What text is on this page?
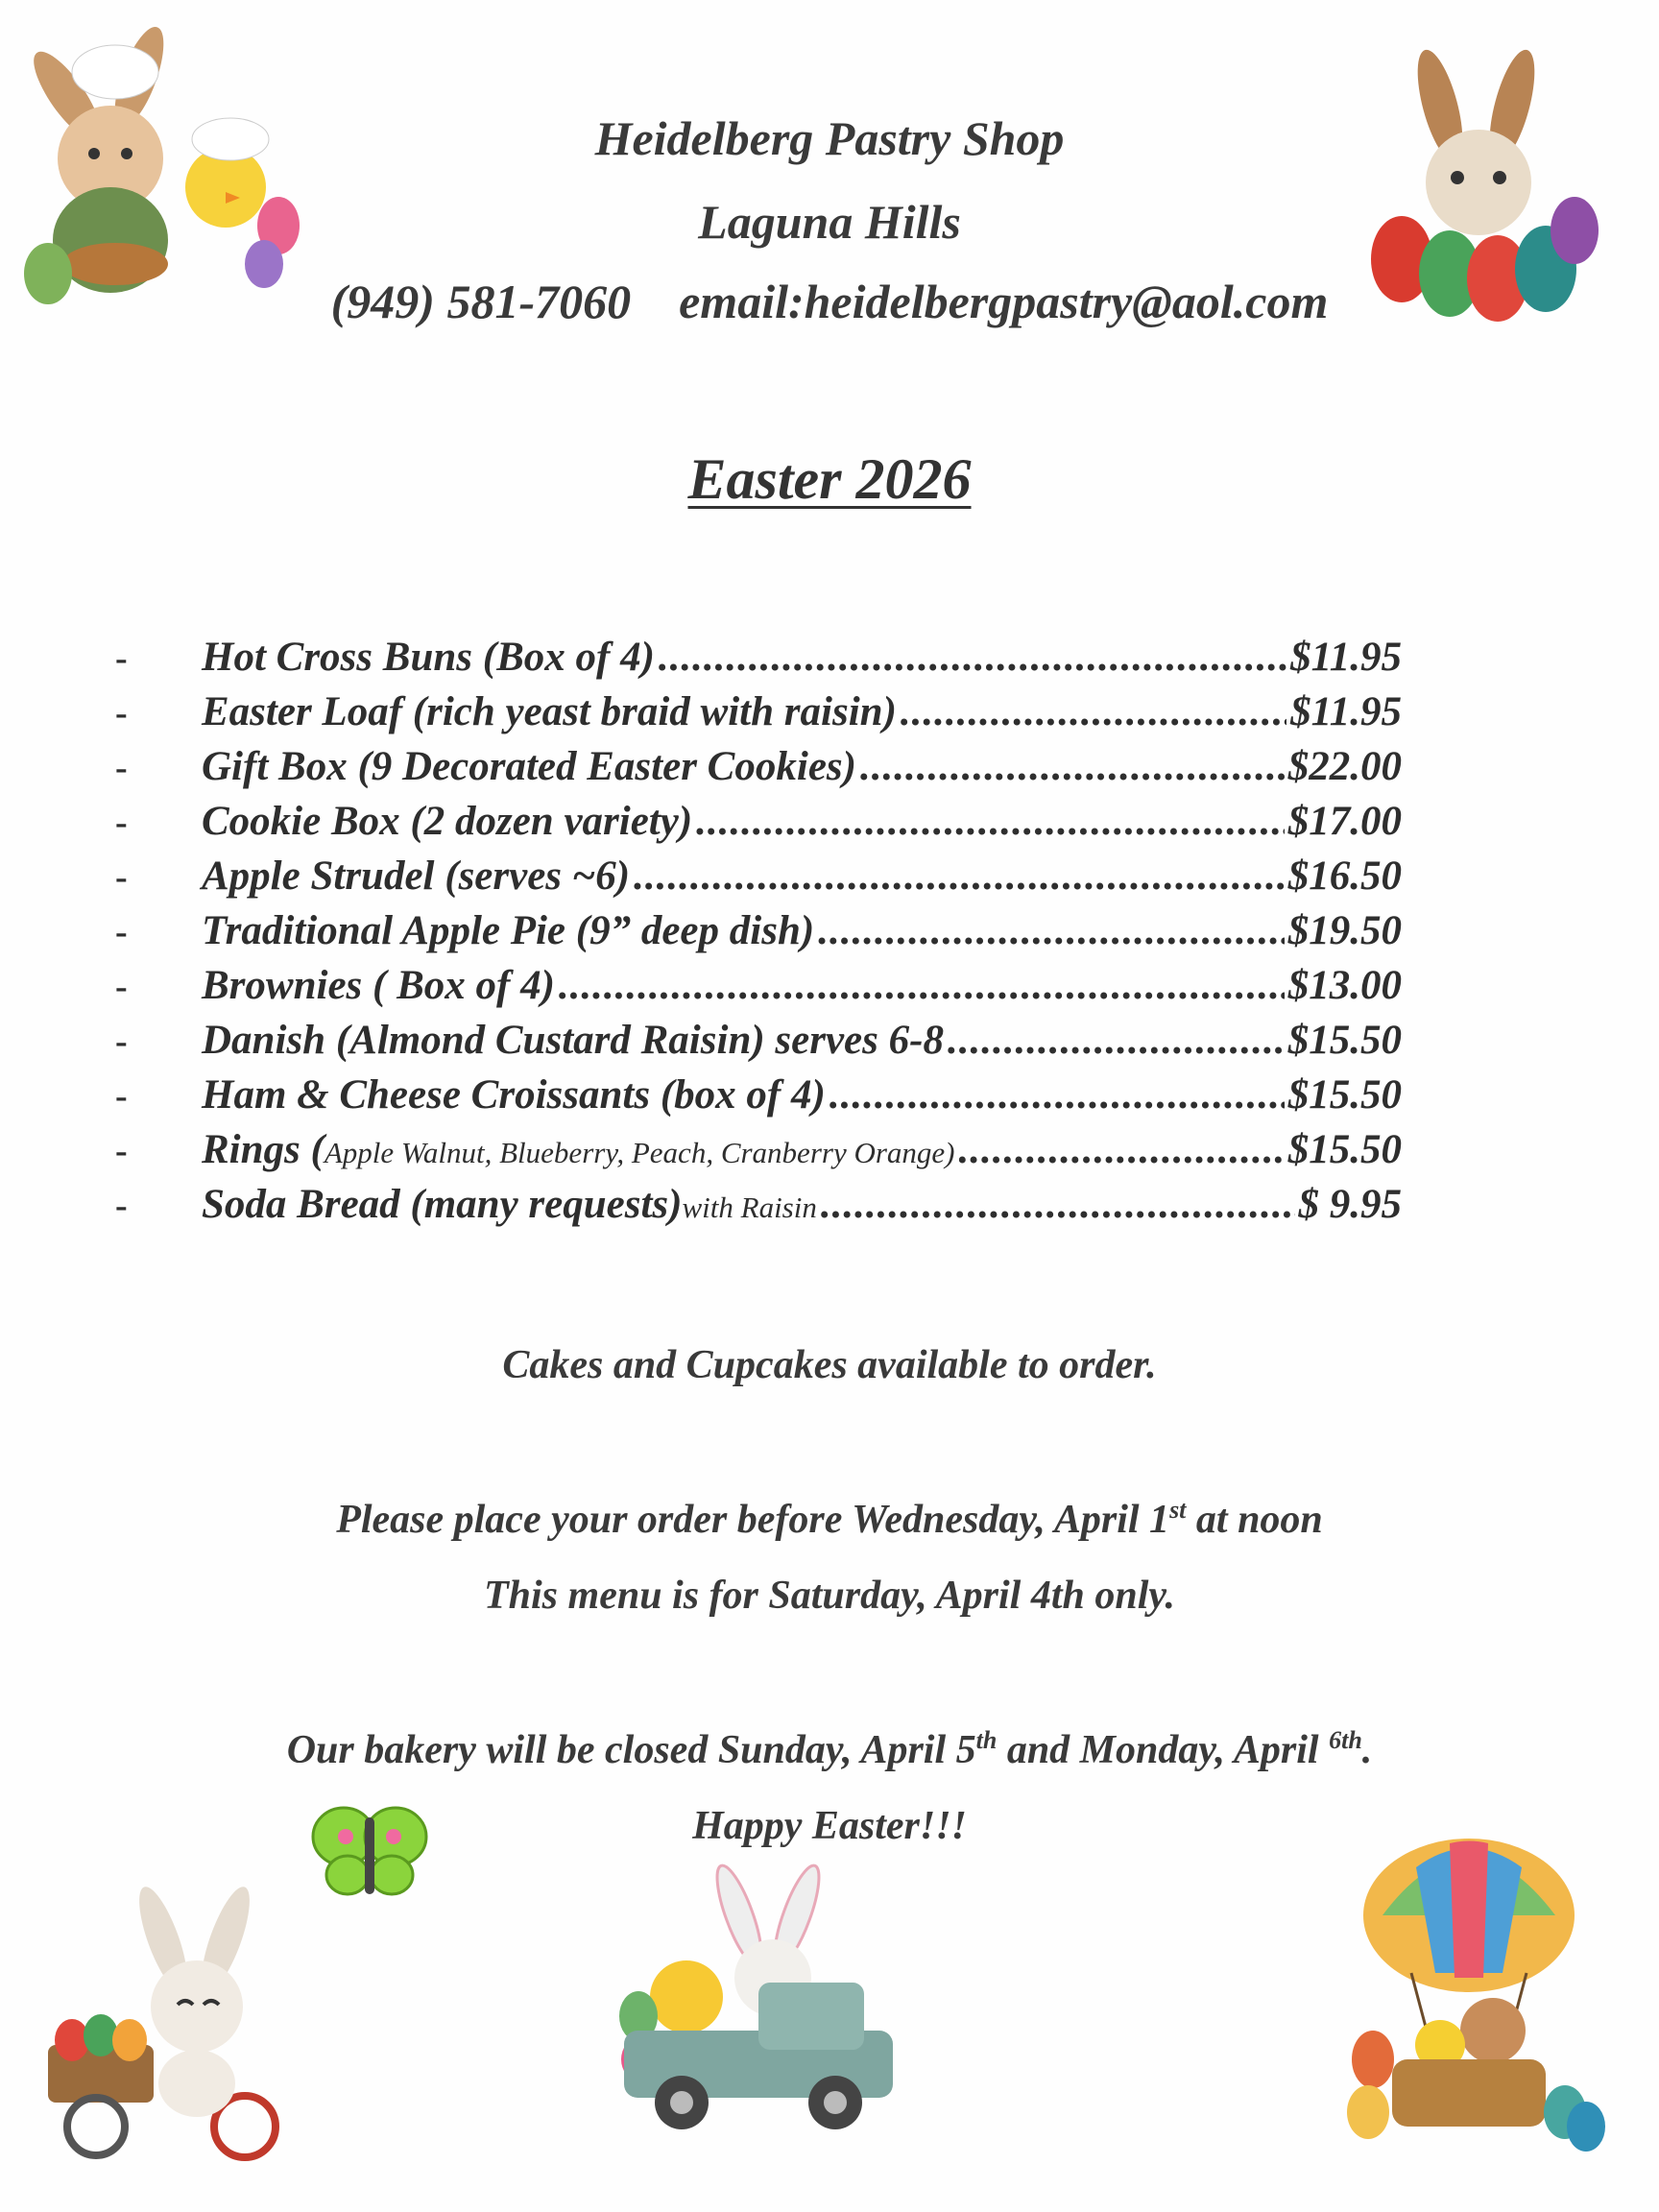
Heidelberg Pastry Shop
Laguna Hills
(949) 581-7060 email:heidelbergpastry@aol.com
Easter 2026
-	Hot Cross Buns (Box of 4) .....	$11.95
-	Easter Loaf (rich yeast braid with raisin) .....	$11.95
-	Gift Box (9 Decorated Easter Cookies) .....	$22.00
-	Cookie Box (2 dozen variety) .....	$17.00
-	Apple Strudel (serves ~6) .....	$16.50
-	Traditional Apple Pie (9” deep dish) .....	$19.50
-	Brownies ( Box of 4) .....	$13.00
-	Danish (Almond Custard Raisin) serves 6-8 .....	$15.50
-	Ham & Cheese Croissants (box of 4) .....	$15.50
-	Rings ( Apple Walnut, Blueberry, Peach, Cranberry Orange) .....	$15.50
-	Soda Bread (many requests) with Raisin .....	$ 9.95
Cakes and Cupcakes available to order.
Please place your order before Wednesday, April 1st at noon
This menu is for Saturday, April 4th only.
Our bakery will be closed Sunday, April 5th and Monday, April $^{6th}$.
Happy Easter!!!
